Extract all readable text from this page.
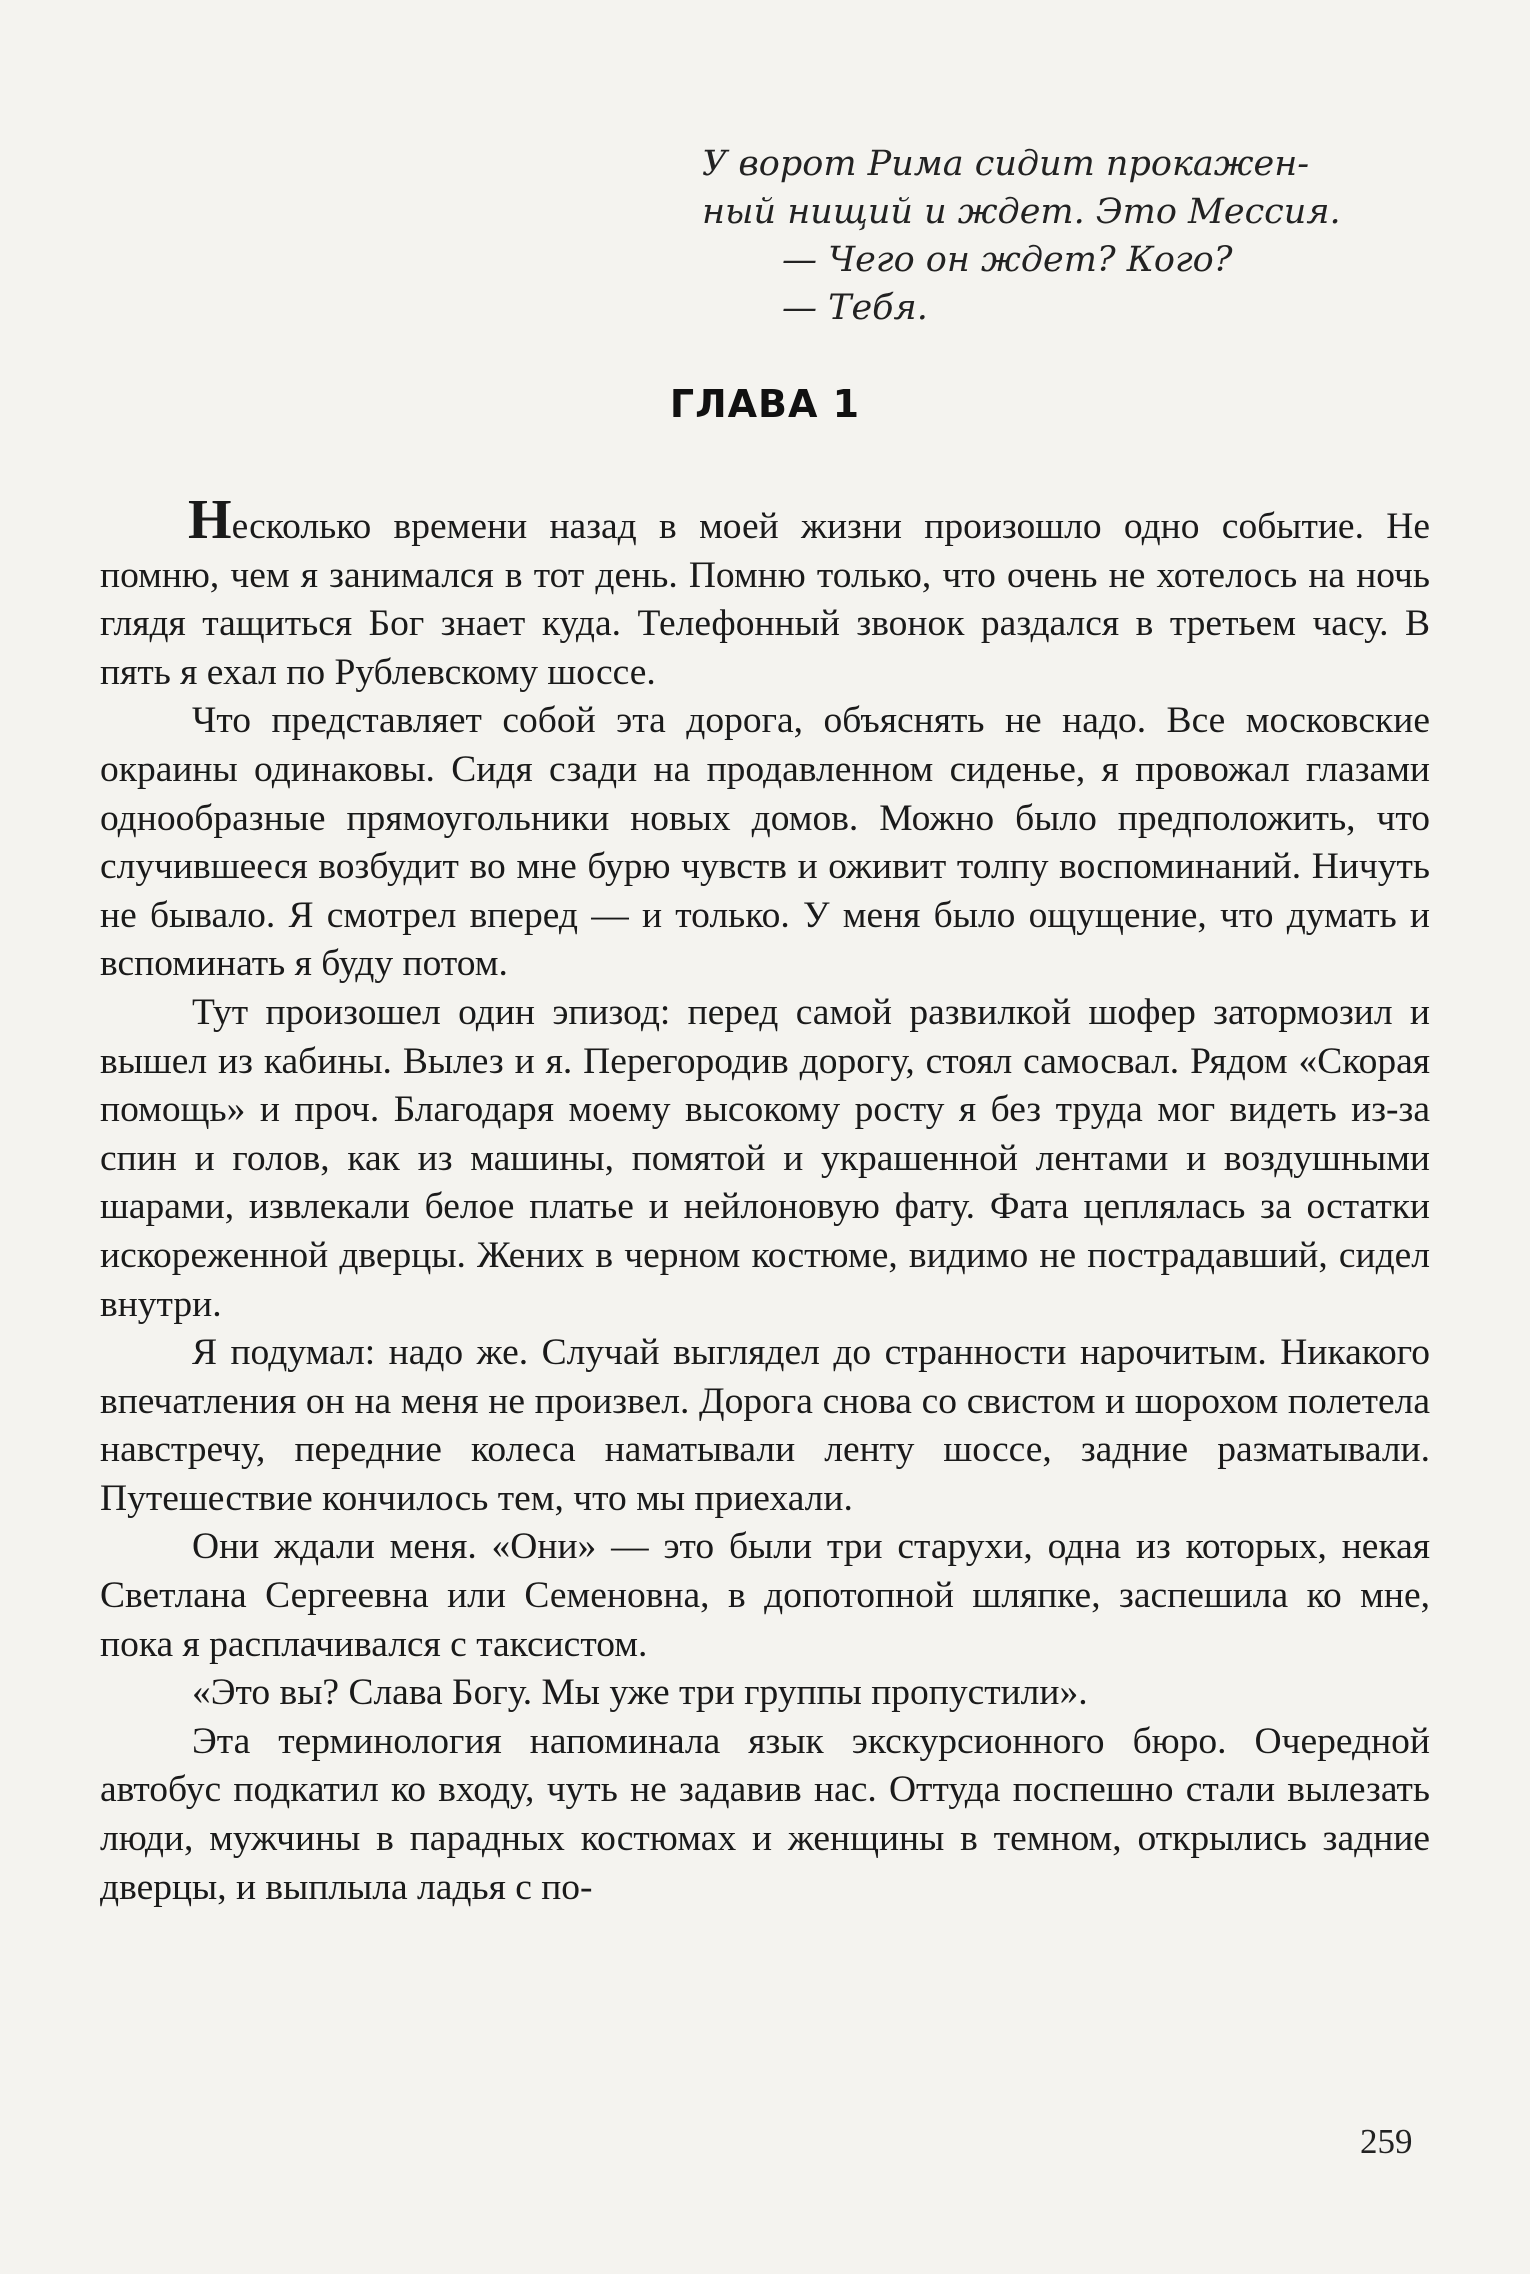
У ворот Рима сидит прокажен-
ный нищий и ждет. Это Мессия.
— Чего он ждет? Кого?
— Тебя.
ГЛАВА 1

Несколько времени назад в моей жизни произошло одно событие. Не помню, чем я занимался в тот день. Помню только, что очень не хотелось на ночь глядя тащиться Бог знает куда. Телефонный звонок раздался в третьем часу. В пять я ехал по Рублевскому шоссе.

Что представляет собой эта дорога, объяснять не надо. Все московские окраины одинаковы. Сидя сзади на продавленном сиденье, я провожал глазами однообразные прямоугольники новых домов. Можно было предположить, что случившееся возбудит во мне бурю чувств и оживит толпу воспоминаний. Ничуть не бывало. Я смотрел вперед — и только. У меня было ощущение, что думать и вспоминать я буду потом.

Тут произошел один эпизод: перед самой развилкой шофер затормозил и вышел из кабины. Вылез и я. Перегородив дорогу, стоял самосвал. Рядом «Скорая помощь» и проч. Благодаря моему высокому росту я без труда мог видеть из-за спин и голов, как из машины, помятой и украшенной лентами и воздушными шарами, извлекали белое платье и нейлоновую фату. Фата цеплялась за остатки искореженной дверцы. Жених в черном костюме, видимо не пострадавший, сидел внутри.

Я подумал: надо же. Случай выглядел до странности нарочитым. Никакого впечатления он на меня не произвел. Дорога снова со свистом и шорохом полетела навстречу, передние колеса наматывали ленту шоссе, задние разматывали. Путешествие кончилось тем, что мы приехали.

Они ждали меня. «Они» — это были три старухи, одна из которых, некая Светлана Сергеевна или Семеновна, в допотопной шляпке, заспешила ко мне, пока я расплачивался с таксистом.

«Это вы? Слава Богу. Мы уже три группы пропустили».

Эта терминология напоминала язык экскурсионного бюро. Очередной автобус подкатил ко входу, чуть не задавив нас. Оттуда поспешно стали вылезать люди, мужчины в парадных костюмах и женщины в темном, открылись задние дверцы, и выплыла ладья с по-

259
